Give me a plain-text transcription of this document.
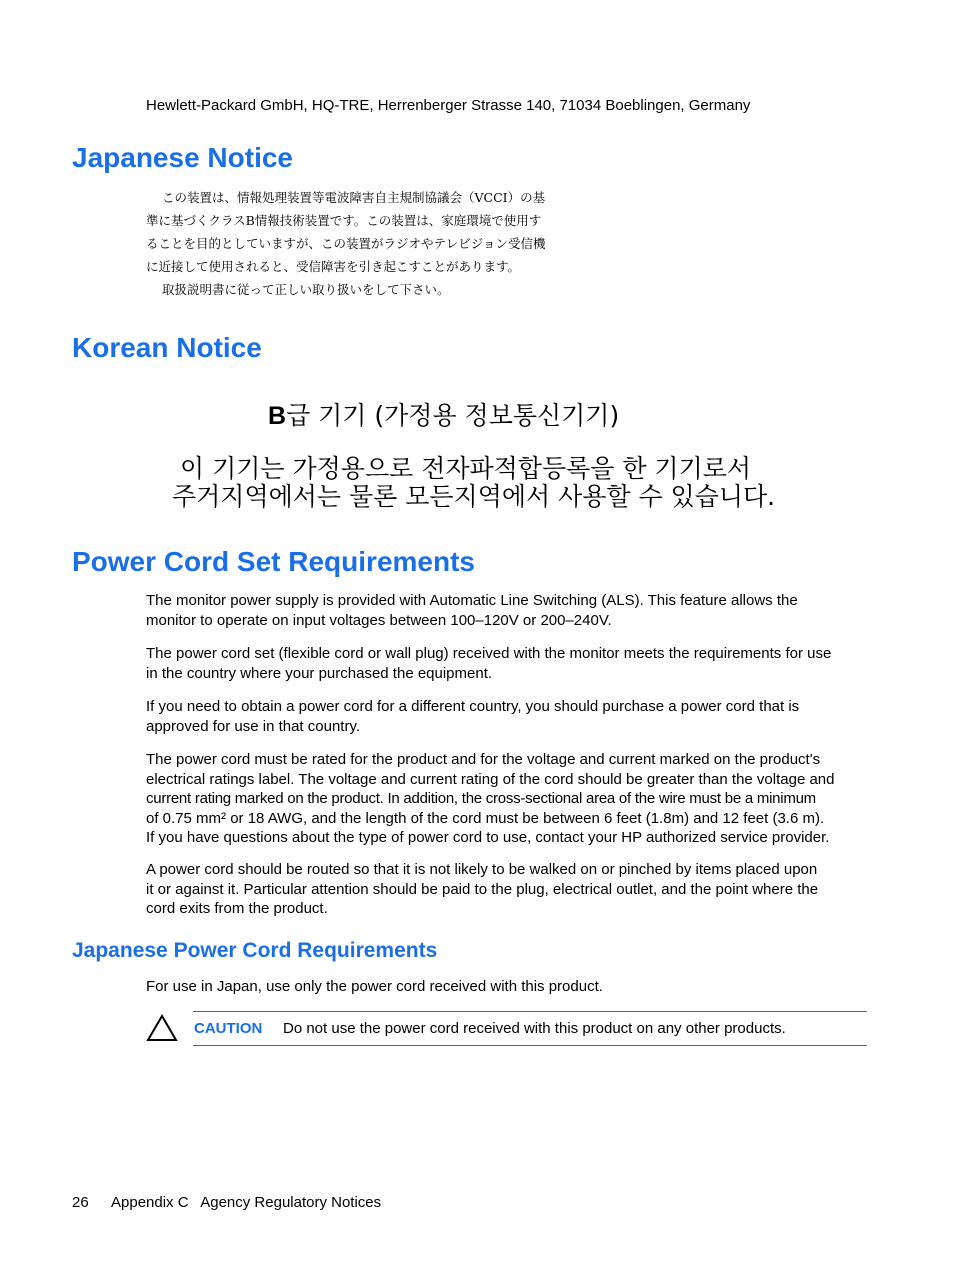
Hewlett-Packard GmbH, HQ-TRE, Herrenberger Strasse 140, 71034 Boeblingen, Germany
Japanese Notice
この装置は、情報処理装置等電波障害自主規制協議会（VCCI）の基
準に基づくクラスB情報技術装置です。この装置は、家庭環境で使用す
ることを目的としていますが、この装置がラジオやテレビジョン受信機
に近接して使用されると、受信障害を引き起こすことがあります。
取扱説明書に従って正しい取り扱いをして下さい。
Korean Notice
B급 기기 (가정용 정보통신기기)
이 기기는 가정용으로 전자파적합등록을 한 기기로서
주거지역에서는 물론 모든지역에서 사용할 수 있습니다.
Power Cord Set Requirements
The monitor power supply is provided with Automatic Line Switching (ALS). This feature allows the
monitor to operate on input voltages between 100–120V or 200–240V.
The power cord set (flexible cord or wall plug) received with the monitor meets the requirements for use
in the country where your purchased the equipment.
If you need to obtain a power cord for a different country, you should purchase a power cord that is
approved for use in that country.
The power cord must be rated for the product and for the voltage and current marked on the product's
electrical ratings label. The voltage and current rating of the cord should be greater than the voltage and
current rating marked on the product. In addition, the cross-sectional area of the wire must be a minimum
of 0.75 mm² or 18 AWG, and the length of the cord must be between 6 feet (1.8m) and 12 feet (3.6 m).
If you have questions about the type of power cord to use, contact your HP authorized service provider.
A power cord should be routed so that it is not likely to be walked on or pinched by items placed upon
it or against it. Particular attention should be paid to the plug, electrical outlet, and the point where the
cord exits from the product.
Japanese Power Cord Requirements
For use in Japan, use only the power cord received with this product.
CAUTION Do not use the power cord received with this product on any other products.
26 Appendix C   Agency Regulatory Notices
